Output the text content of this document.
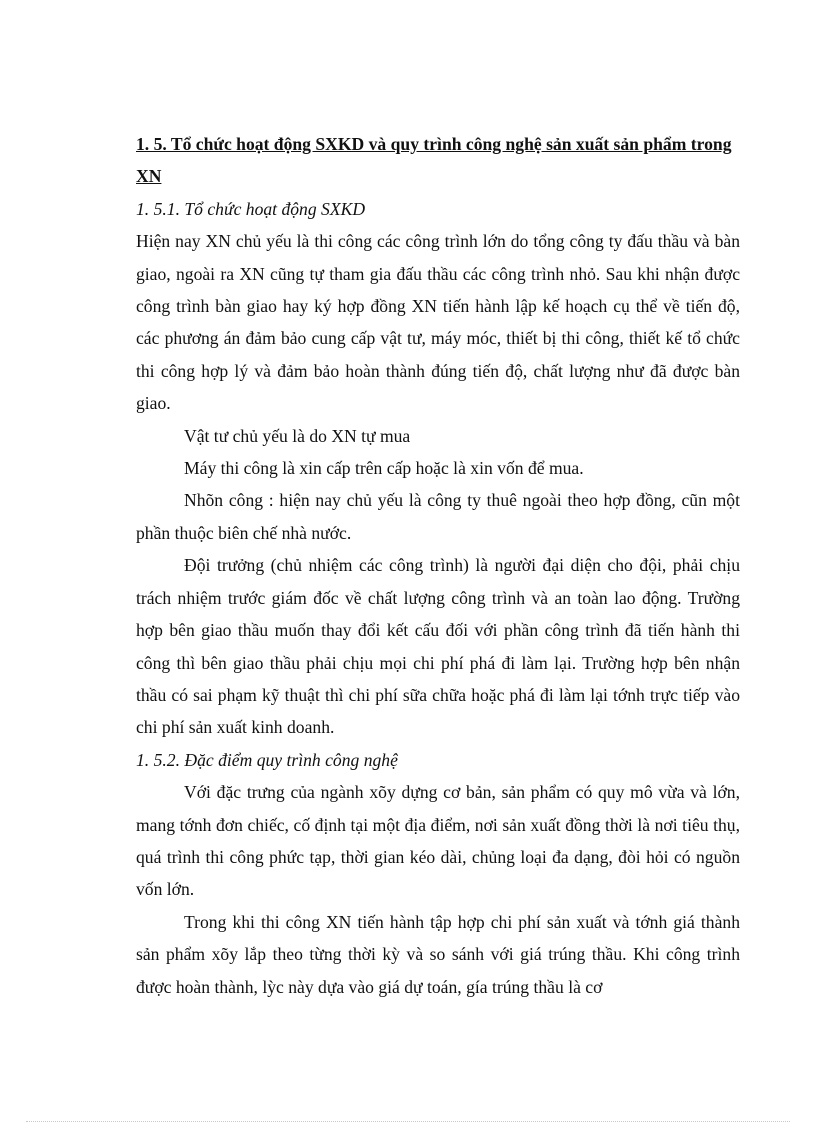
1. 5. Tổ chức hoạt động SXKD và quy trình công nghệ sản xuất sản phẩm trong XN

1. 5.1. Tổ chức hoạt động SXKD

Hiện nay XN chủ yếu là thi công các công trình lớn do tổng công ty đấu thầu và bàn giao, ngoài ra XN cũng tự tham gia đấu thầu các công trình nhỏ. Sau khi nhận được công trình bàn giao hay ký hợp đồng XN tiến hành lập kế hoạch cụ thể về tiến độ, các phương án đảm bảo cung cấp vật tư, máy móc, thiết bị thi công, thiết kế tổ chức thi công hợp lý và đảm bảo hoàn thành đúng tiến độ, chất lượng như đã được bàn giao.

Vật tư chủ yếu là do XN tự mua

Máy thi công là xin cấp trên cấp hoặc là xin vốn để mua.

Nhõn công : hiện nay chủ yếu là công ty thuê ngoài theo hợp đồng, cũn một phần thuộc biên chế nhà nước.

Đội trưởng (chủ nhiệm các công trình) là người đại diện cho đội, phải chịu trách nhiệm trước giám đốc về chất lượng công trình và an toàn lao động. Trường hợp bên giao thầu muốn thay đổi kết cấu đối với phần công trình đã tiến hành thi công thì bên giao thầu phải chịu mọi chi phí phá đi làm lại. Trường hợp bên nhận thầu có sai phạm kỹ thuật thì chi phí sữa chữa hoặc phá đi làm lại tớnh trực tiếp vào chi phí sản xuất kinh doanh.

1. 5.2. Đặc điểm quy trình công nghệ

Với đặc trưng của ngành xõy dựng cơ bản, sản phẩm có quy mô vừa và lớn, mang tớnh đơn chiếc, cố định tại một địa điểm, nơi sản xuất đồng thời là nơi tiêu thụ, quá trình thi công phức tạp, thời gian kéo dài, chủng loại đa dạng, đòi hỏi có nguồn vốn lớn.

Trong khi thi công XN tiến hành tập hợp chi phí sản xuất và tớnh giá thành sản phẩm xõy lắp theo từng thời kỳ và so sánh với giá trúng thầu. Khi công trình được hoàn thành, lỳc này dựa vào giá dự toán, gía trúng thầu là cơ
